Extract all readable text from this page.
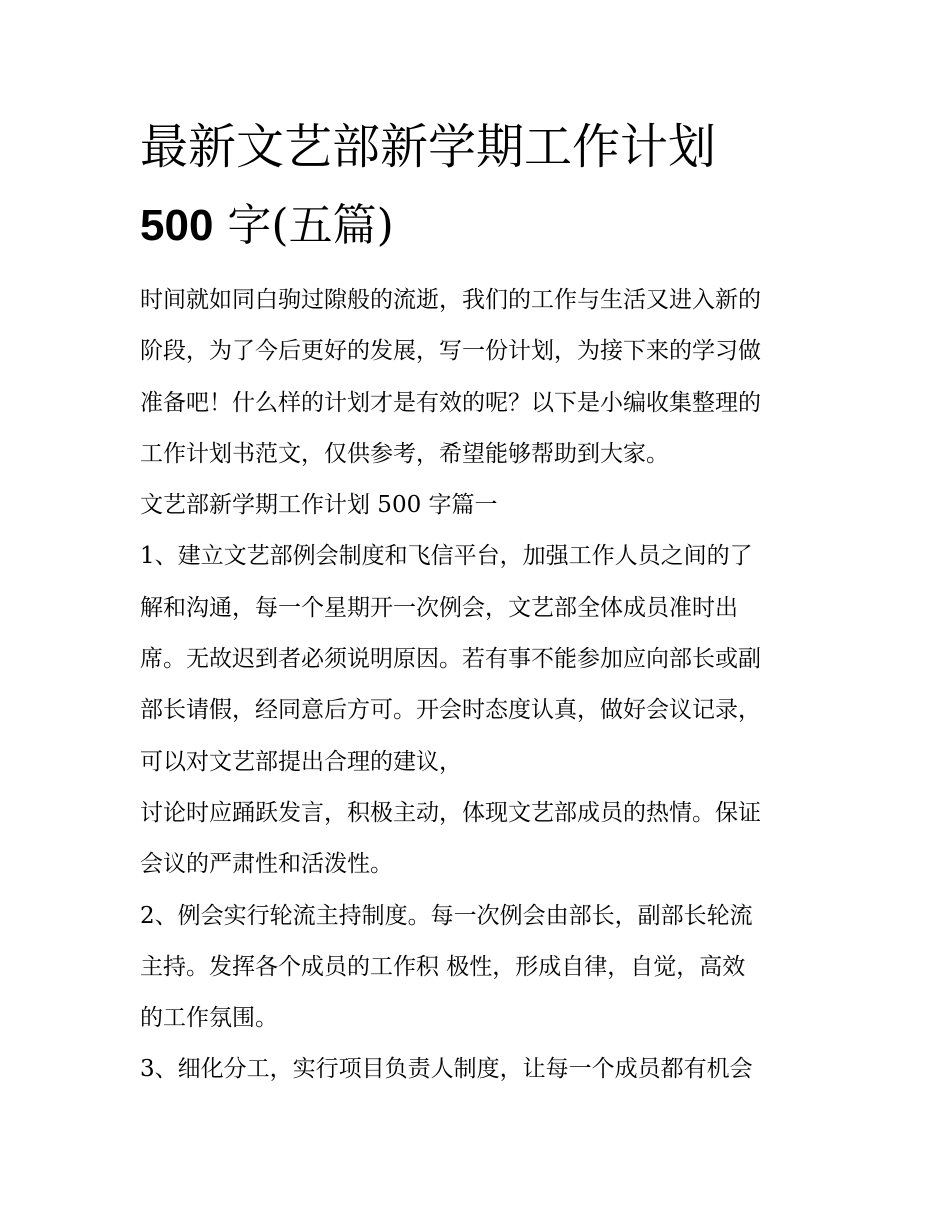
最新文艺部新学期工作计划
500 字(五篇)
时间就如同白驹过隙般的流逝，我们的工作与生活又进入新的
阶段，为了今后更好的发展，写一份计划，为接下来的学习做
准备吧！什么样的计划才是有效的呢？以下是小编收集整理的
工作计划书范文，仅供参考，希望能够帮助到大家。
文艺部新学期工作计划 500 字篇一
1、建立文艺部例会制度和飞信平台，加强工作人员之间的了
解和沟通，每一个星期开一次例会，文艺部全体成员准时出
席。无故迟到者必须说明原因。若有事不能参加应向部长或副
部长请假，经同意后方可。开会时态度认真，做好会议记录，
可以对文艺部提出合理的建议，
讨论时应踊跃发言，积极主动，体现文艺部成员的热情。保证
会议的严肃性和活泼性。
2、例会实行轮流主持制度。每一次例会由部长，副部长轮流
主持。发挥各个成员的工作积 极性，形成自律，自觉，高效
的工作氛围。
3、细化分工，实行项目负责人制度，让每一个成员都有机会
